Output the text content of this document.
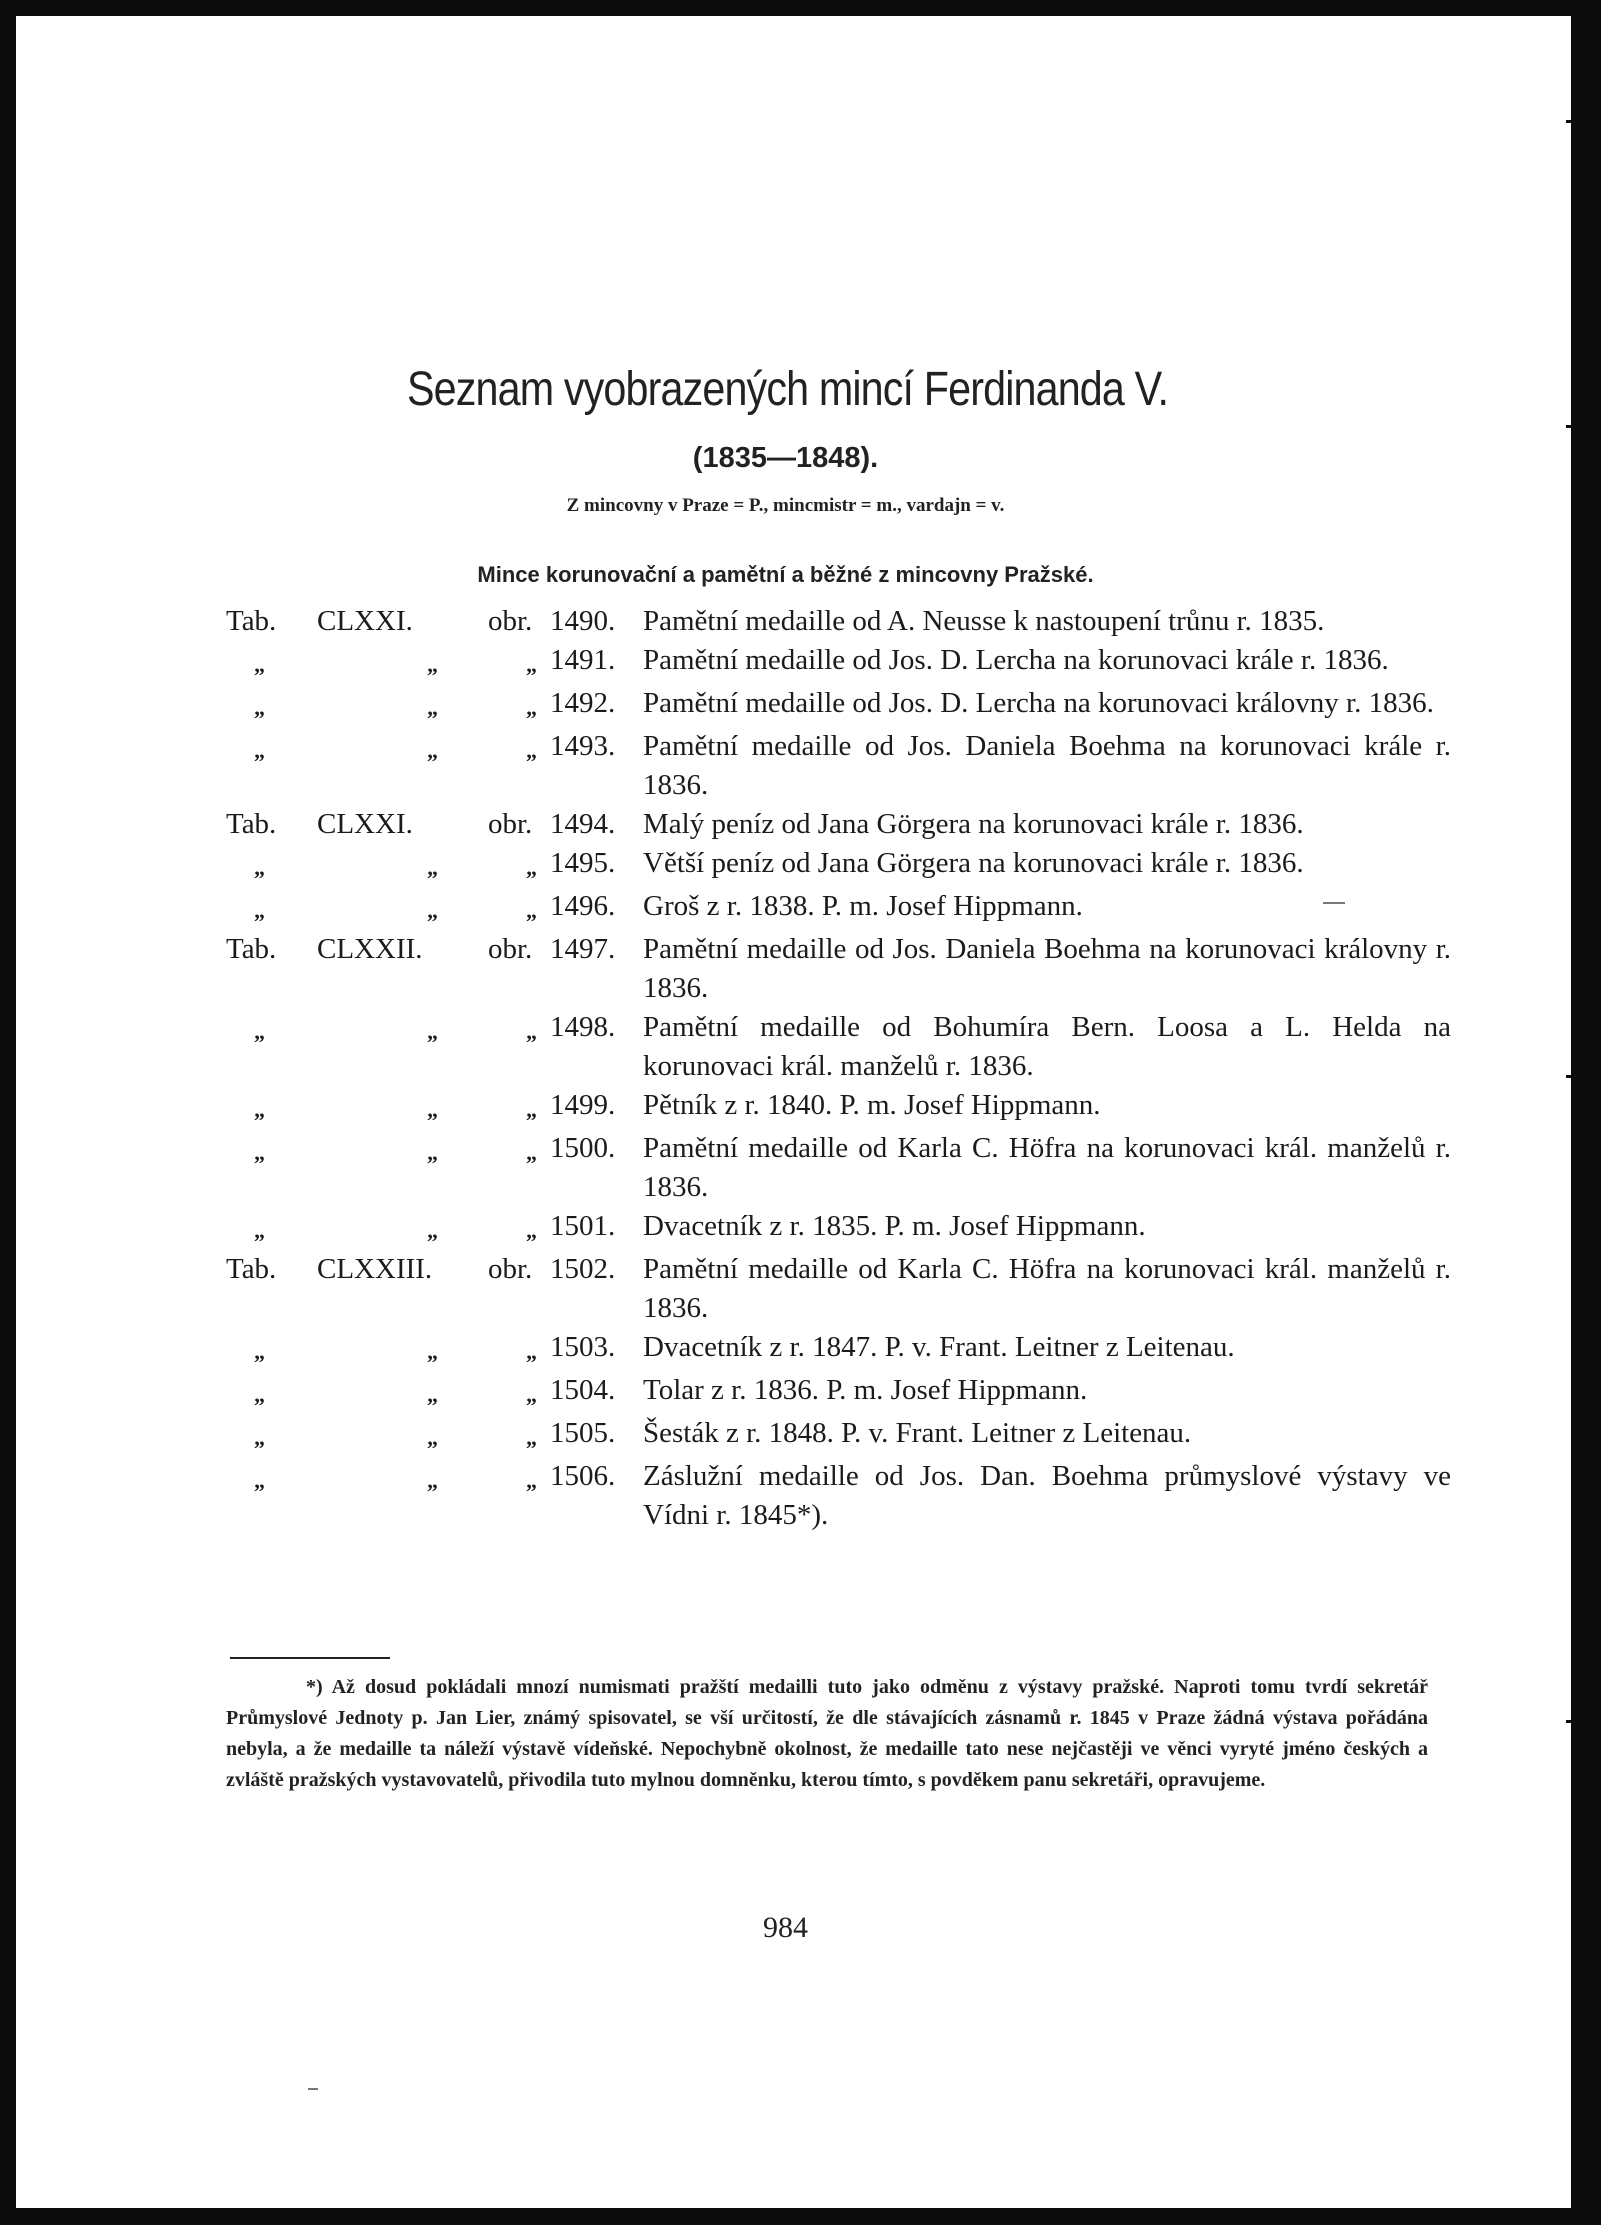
Seznam vyobrazených mincí Ferdinanda V.
(1835—1848).
Z mincovny v Praze = P., mincmistr = m., vardajn = v.
Mince korunovační a pamětní a běžné z mincovny Pražské.
Tab.	CLXXI.	obr. 1490. Pamětní medaille od A. Neusse k nastoupení trůnu r. 1835.
„	„	„ 1491. Pamětní medaille od Jos. D. Lercha na korunovaci krále r. 1836.
„	„	„ 1492. Pamětní medaille od Jos. D. Lercha na korunovaci královny r. 1836.
„	„	„ 1493. Pamětní medaille od Jos. Daniela Boehma na korunovaci krále r. 1836.
Tab.	CLXXI.	obr. 1494. Malý peníz od Jana Görgera na korunovaci krále r. 1836.
„	„	„ 1495. Větší peníz od Jana Görgera na korunovaci krále r. 1836.
„	„	„ 1496. Groš z r. 1838. P. m. Josef Hippmann.
Tab.	CLXXII.	obr. 1497. Pamětní medaille od Jos. Daniela Boehma na korunovaci královny r. 1836.
„	„	„ 1498. Pamětní medaille od Bohumíra Bern. Loosa a L. Helda na korunovaci král. manželů r. 1836.
„	„	„ 1499. Pětník z r. 1840. P. m. Josef Hippmann.
„	„	„ 1500. Pamětní medaille od Karla C. Höfra na korunovaci král. manželů r. 1836.
„	„	„ 1501. Dvacetník z r. 1835. P. m. Josef Hippmann.
Tab.	CLXXIII.	obr. 1502. Pamětní medaille od Karla C. Höfra na korunovaci král. manželů r. 1836.
„	„	„ 1503. Dvacetník z r. 1847. P. v. Frant. Leitner z Leitenau.
„	„	„ 1504. Tolar z r. 1836. P. m. Josef Hippmann.
„	„	„ 1505. Šesták z r. 1848. P. v. Frant. Leitner z Leitenau.
„	„	„ 1506. Záslužní medaille od Jos. Dan. Boehma průmyslové výstavy ve Vídni r. 1845*).
*) Až dosud pokládali mnozí numismati pražští medailli tuto jako odměnu z výstavy pražské. Naproti tomu tvrdí sekretář Průmyslové Jednoty p. Jan Lier, známý spisovatel, se vší určitostí, že dle stávajících zásnamů r. 1845 v Praze žádná výstava pořádána nebyla, a že medaille ta náleží výstavě vídeňské. Nepochybně okolnost, že medaille tato nese nejčastěji ve věnci vyryté jméno českých a zvláště pražských vystavovatelů, přivodila tuto mylnou domněnku, kterou tímto, s povděkem panu sekretáři, opravujeme.
984
